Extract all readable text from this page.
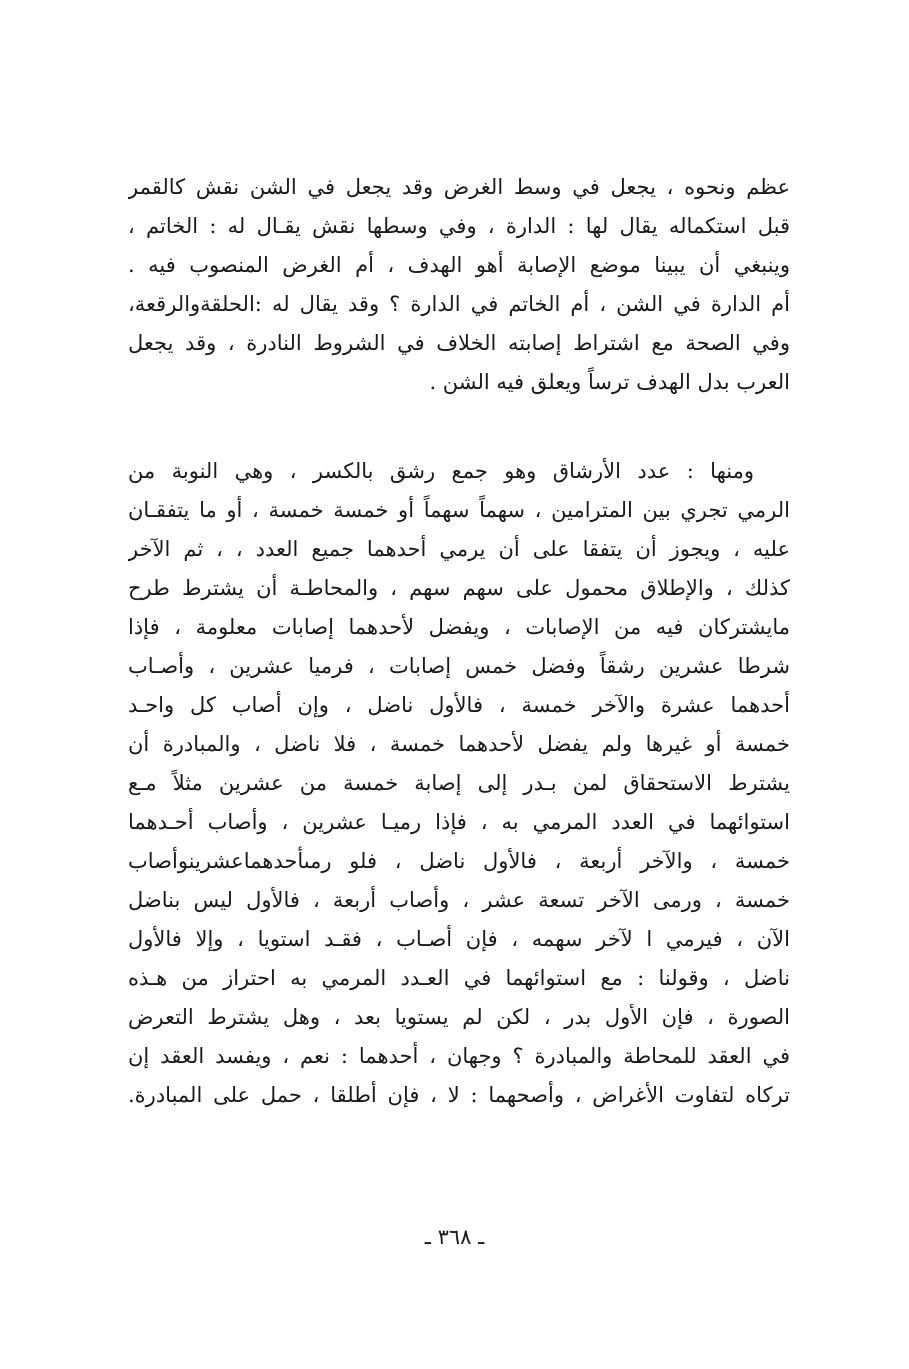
عظم ونحوه ، يجعل في وسط الغرض وقد يجعل في الشن نقش كالقمر
قبل استكماله يقال لها : الدارة ، وفي وسطها نقش يقـال له : الخاتم ،
وينبغي أن يبينا موضع الإصابة أهو الهدف ، أم الغرض المنصوب فيه .
أم الدارة في الشن ، أم الخاتم في الدارة ؟ وقد يقال له :الحلقةوالرقعة،
وفي الصحة مع اشتراط إصابته الخلاف في الشروط النادرة ، وقد يجعل
العرب بدل الهدف ترساً ويعلق فيه الشن .
ومنها : عدد الأرشاق وهو جمع رشق بالكسر ، وهي النوبة من
الرمي تجري بين المترامين ، سهماً سهماً أو خمسة خمسة ، أو ما يتفقـان
عليه ، ويجوز أن يتفقا على أن يرمي أحدهما جميع العدد ، ، ثم الآخر
كذلك ، والإطلاق محمول على سهم سهم ، والمحاطـة أن يشترط طرح
مايشتركان فيه من الإصابات ، ويفضل لأحدهما إصابات معلومة ، فإذا
شرطا عشرين رشقاً وفضل خمس إصابات ، فرميا عشرين ، وأصـاب
أحدهما عشرة والآخر خمسة ، فالأول ناضل ، وإن أصاب كل واحـد
خمسة أو غيرها ولم يفضل لأحدهما خمسة ، فلا ناضل ، والمبادرة أن
يشترط الاستحقاق لمن بـدر إلى إصابة خمسة من عشرين مثلاً مـع
استوائهما في العدد المرمي به ، فإذا رميـا عشرين ، وأصاب أحـدهما
خمسة ، والآخر أربعة ، فالأول ناضل ، فلو رمىأحدهماعشرينوأصاب
خمسة ، ورمى الآخر تسعة عشر ، وأصاب أربعة ، فالأول ليس بناضل
الآن ، فيرمي ا لآخر سهمه ، فإن أصـاب ، فقـد استويا ، وإلا فالأول
ناضل ، وقولنا : مع استوائهما في العـدد المرمي به احتراز من هـذه
الصورة ، فإن الأول بدر ، لكن لم يستويا بعد ، وهل يشترط التعرض
في العقد للمحاطة والمبادرة ؟ وجهان ، أحدهما : نعم ، ويفسد العقد إن
تركاه لتفاوت الأغراض ، وأصحهما : لا ، فإن أطلقا ، حمل على المبادرة.
ـ ٣٦٨ ـ
